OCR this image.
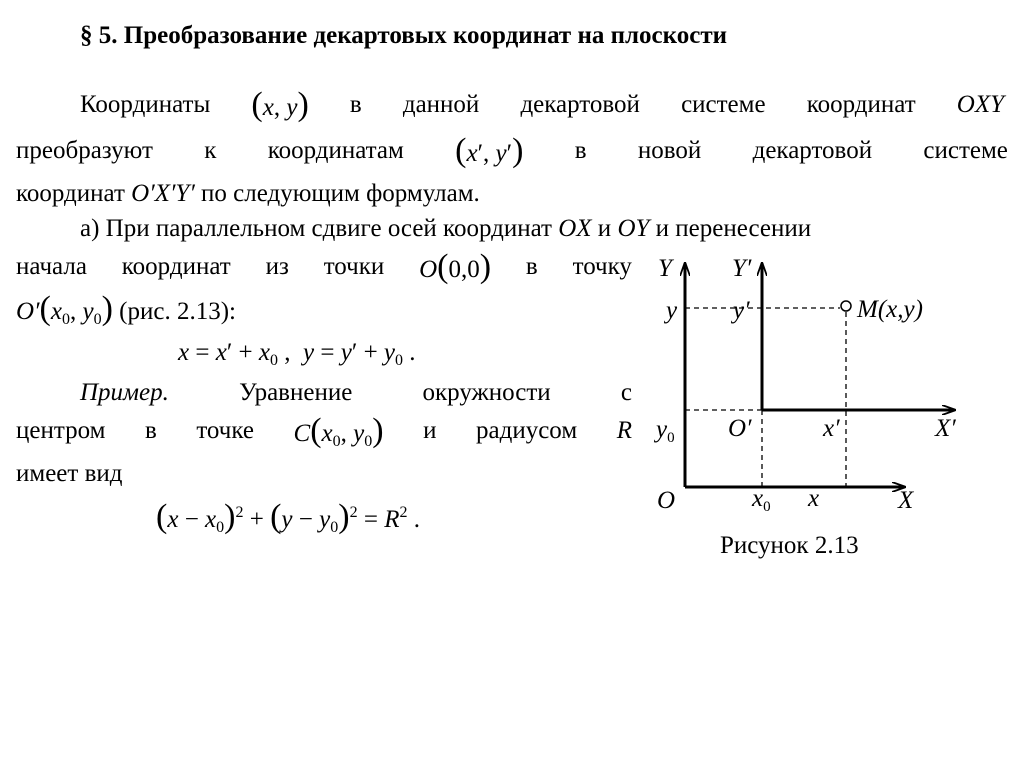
§ 5. Преобразование декартовых координат на плоскости
Координаты (x, y) в данной декартовой системе координат OXY
преобразуют к координатам (x′, y′) в новой декартовой системе
координат O′X′Y′ по следующим формулам.
а) При параллельном сдвиге осей координат OX и OY и перенесении
начала координат из точки O(0,0) в точку
$O'(x_0$, $y_0$) (рис. 2.13):
$x = x' + x_0$ ,  $y = y' + y_0$ .
Пример.	Уравнение	окружности	с
центром в точке $C(x_0$, $y_0$) и радиусом R
имеет вид
$(x - x_0)^2 + (y - y_0)^2 = R^2$ .
Y Y′
y y′	M(x,y)
$y_0$ O′	x′	X′
O	$x_0$ x	X
Рисунок 2.13
